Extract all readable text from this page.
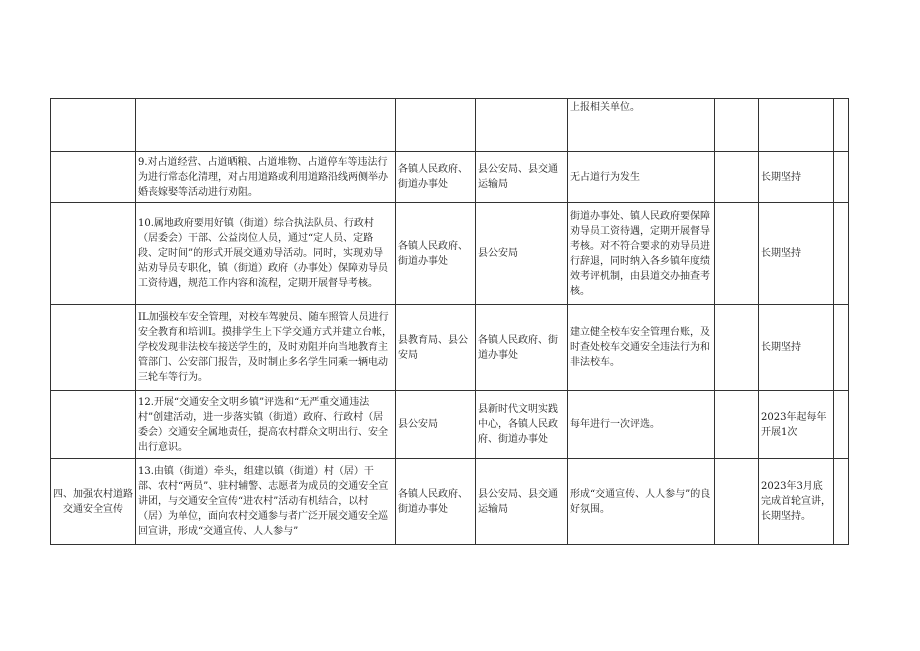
				上报相关单位。			
	9.对占道经营、占道晒粮、占道堆物、占道停车等违法行为进行常态化清理，对占用道路或利用道路沿线两侧举办婚丧嫁娶等活动进行劝阻。	各镇人民政府、街道办事处	县公安局、县交通运输局	无占道行为发生		长期坚持	
	10.属地政府要用好镇（街道）综合执法队员、行政村（居委会）干部、公益岗位人员，通过“定人员、定路段、定时间”的形式开展交通劝导活动。同时，实现劝导站劝导员专职化，镇（街道）政府（办事处）保障劝导员工资待遇，规范工作内容和流程，定期开展督导考核。	各镇人民政府、街道办事处	县公安局	街道办事处、镇人民政府要保障劝导员工资待遇，定期开展督导考核。对不符合要求的劝导员进行辞退，同时纳入各乡镇年度绩效考评机制，由县道交办抽查考核。		长期坚持	
	IL加强校车安全管理，对校车驾驶员、随车照管人员进行安全教育和培训I。摸排学生上下学交通方式并建立台帐，学校发现非法校车接送学生的，及时劝阻并向当地教育主管部门、公安部门报告，及时制止多名学生同乘一辆电动三轮车等行为。	县教育局、县公安局	各镇人民政府、街道办事处	建立健全校车安全管理台账，及时查处校车交通安全违法行为和非法校车。		长期坚持	
	12.开展“交通安全文明乡镇”评选和“无严重交通违法村”创建活动，进一步落实镇（街道）政府、行政村（居委会）交通安全属地责任，提高农村群众文明出行、安全出行意识。	县公安局	县新时代文明实践中心，各镇人民政府、街道办事处	每年进行一次评选。		2023年起每年开展1次	
四、加强农村道路交通安全宣传	13.由镇（街道）牵头，组建以镇（街道）村（居）干部、农村“两员”、驻村辅警、志愿者为成员的交通安全宣讲团，与交通安全宣传“进农村”活动有机结合，以村（居）为单位，面向农村交通参与者广泛开展交通安全巡回宣讲，形成“交通宣传、人人参与”	各镇人民政府、街道办事处	县公安局、县交通运输局	形成“交通宣传、人人参与”的良好氛围。		2023年3月底完成首轮宣讲，长期坚持。	
